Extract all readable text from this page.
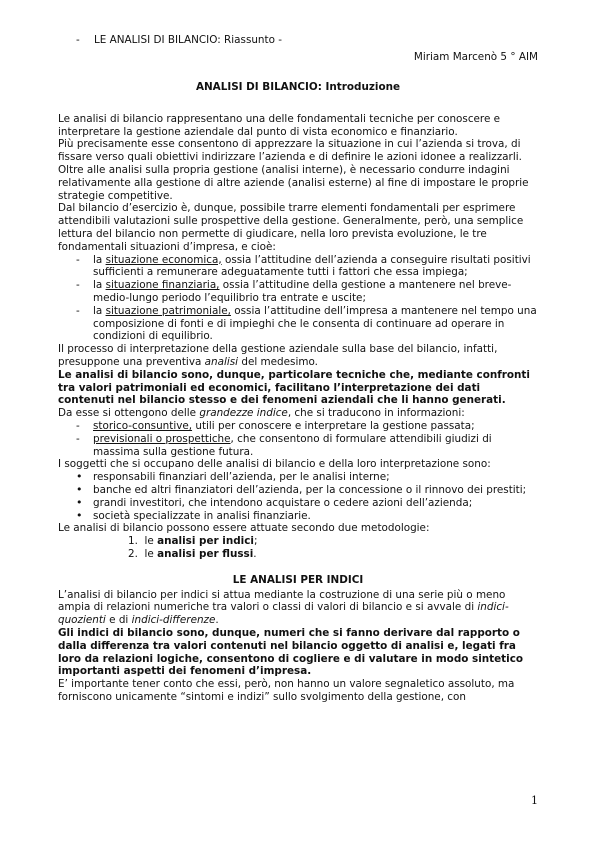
- LE ANALISI DI BILANCIO: Riassunto -
Miriam Marcenò 5 ° AIM
ANALISI DI BILANCIO: Introduzione

Le analisi di bilancio rappresentano una delle fondamentali tecniche per conoscere e interpretare la gestione aziendale dal punto di vista economico e finanziario.

Più precisamente esse consentono di apprezzare la situazione in cui l’azienda si trova, di fissare verso quali obiettivi indirizzare l’azienda e di definire le azioni idonee a realizzarli.

Oltre alle analisi sulla propria gestione (analisi interne), è necessario condurre indagini relativamente alla gestione di altre aziende (analisi esterne) al fine di impostare le proprie strategie competitive.

Dal bilancio d’esercizio è, dunque, possibile trarre elementi fondamentali per esprimere attendibili valutazioni sulle prospettive della gestione. Generalmente, però, una semplice lettura del bilancio non permette di giudicare, nella loro prevista evoluzione, le tre fondamentali situazioni d’impresa, e cioè:

- la situazione economica, ossia l’attitudine dell’azienda a conseguire risultati positivi sufficienti a remunerare adeguatamente tutti i fattori che essa impiega;
- la situazione finanziaria, ossia l’attitudine della gestione a mantenere nel breve-medio-lungo periodo l’equilibrio tra entrate e uscite;
- la situazione patrimoniale, ossia l’attitudine dell’impresa a mantenere nel tempo una composizione di fonti e di impieghi che le consenta di continuare ad operare in condizioni di equilibrio.

Il processo di interpretazione della gestione aziendale sulla base del bilancio, infatti, presuppone una preventiva analisi del medesimo.

Le analisi di bilancio sono, dunque, particolare tecniche che, mediante confronti tra valori patrimoniali ed economici, facilitano l’interpretazione dei dati contenuti nel bilancio stesso e dei fenomeni aziendali che li hanno generati.

Da esse si ottengono delle grandezze indice, che si traducono in informazioni:

- storico-consuntive, utili per conoscere e interpretare la gestione passata;
- previsionali o prospettiche, che consentono di formulare attendibili giudizi di massima sulla gestione futura.

I soggetti che si occupano delle analisi di bilancio e della loro interpretazione sono:

• responsabili finanziari dell’azienda, per le analisi interne;
• banche ed altri finanziatori dell’azienda, per la concessione o il rinnovo dei prestiti;
• grandi investitori, che intendono acquistare o cedere azioni dell’azienda;
• società specializzate in analisi finanziarie.

Le analisi di bilancio possono essere attuate secondo due metodologie:

1. le analisi per indici;
2. le analisi per flussi.
LE ANALISI PER INDICI

L’analisi di bilancio per indici si attua mediante la costruzione di una serie più o meno ampia di relazioni numeriche tra valori o classi di valori di bilancio e si avvale di indici-quozienti e di indici-differenze.

Gli indici di bilancio sono, dunque, numeri che si fanno derivare dal rapporto o dalla differenza tra valori contenuti nel bilancio oggetto di analisi e, legati fra loro da relazioni logiche, consentono di cogliere e di valutare in modo sintetico importanti aspetti dei fenomeni d’impresa.

E’ importante tener conto che essi, però, non hanno un valore segnaletico assoluto, ma forniscono unicamente “sintomi e indizi” sullo svolgimento della gestione, con

1
